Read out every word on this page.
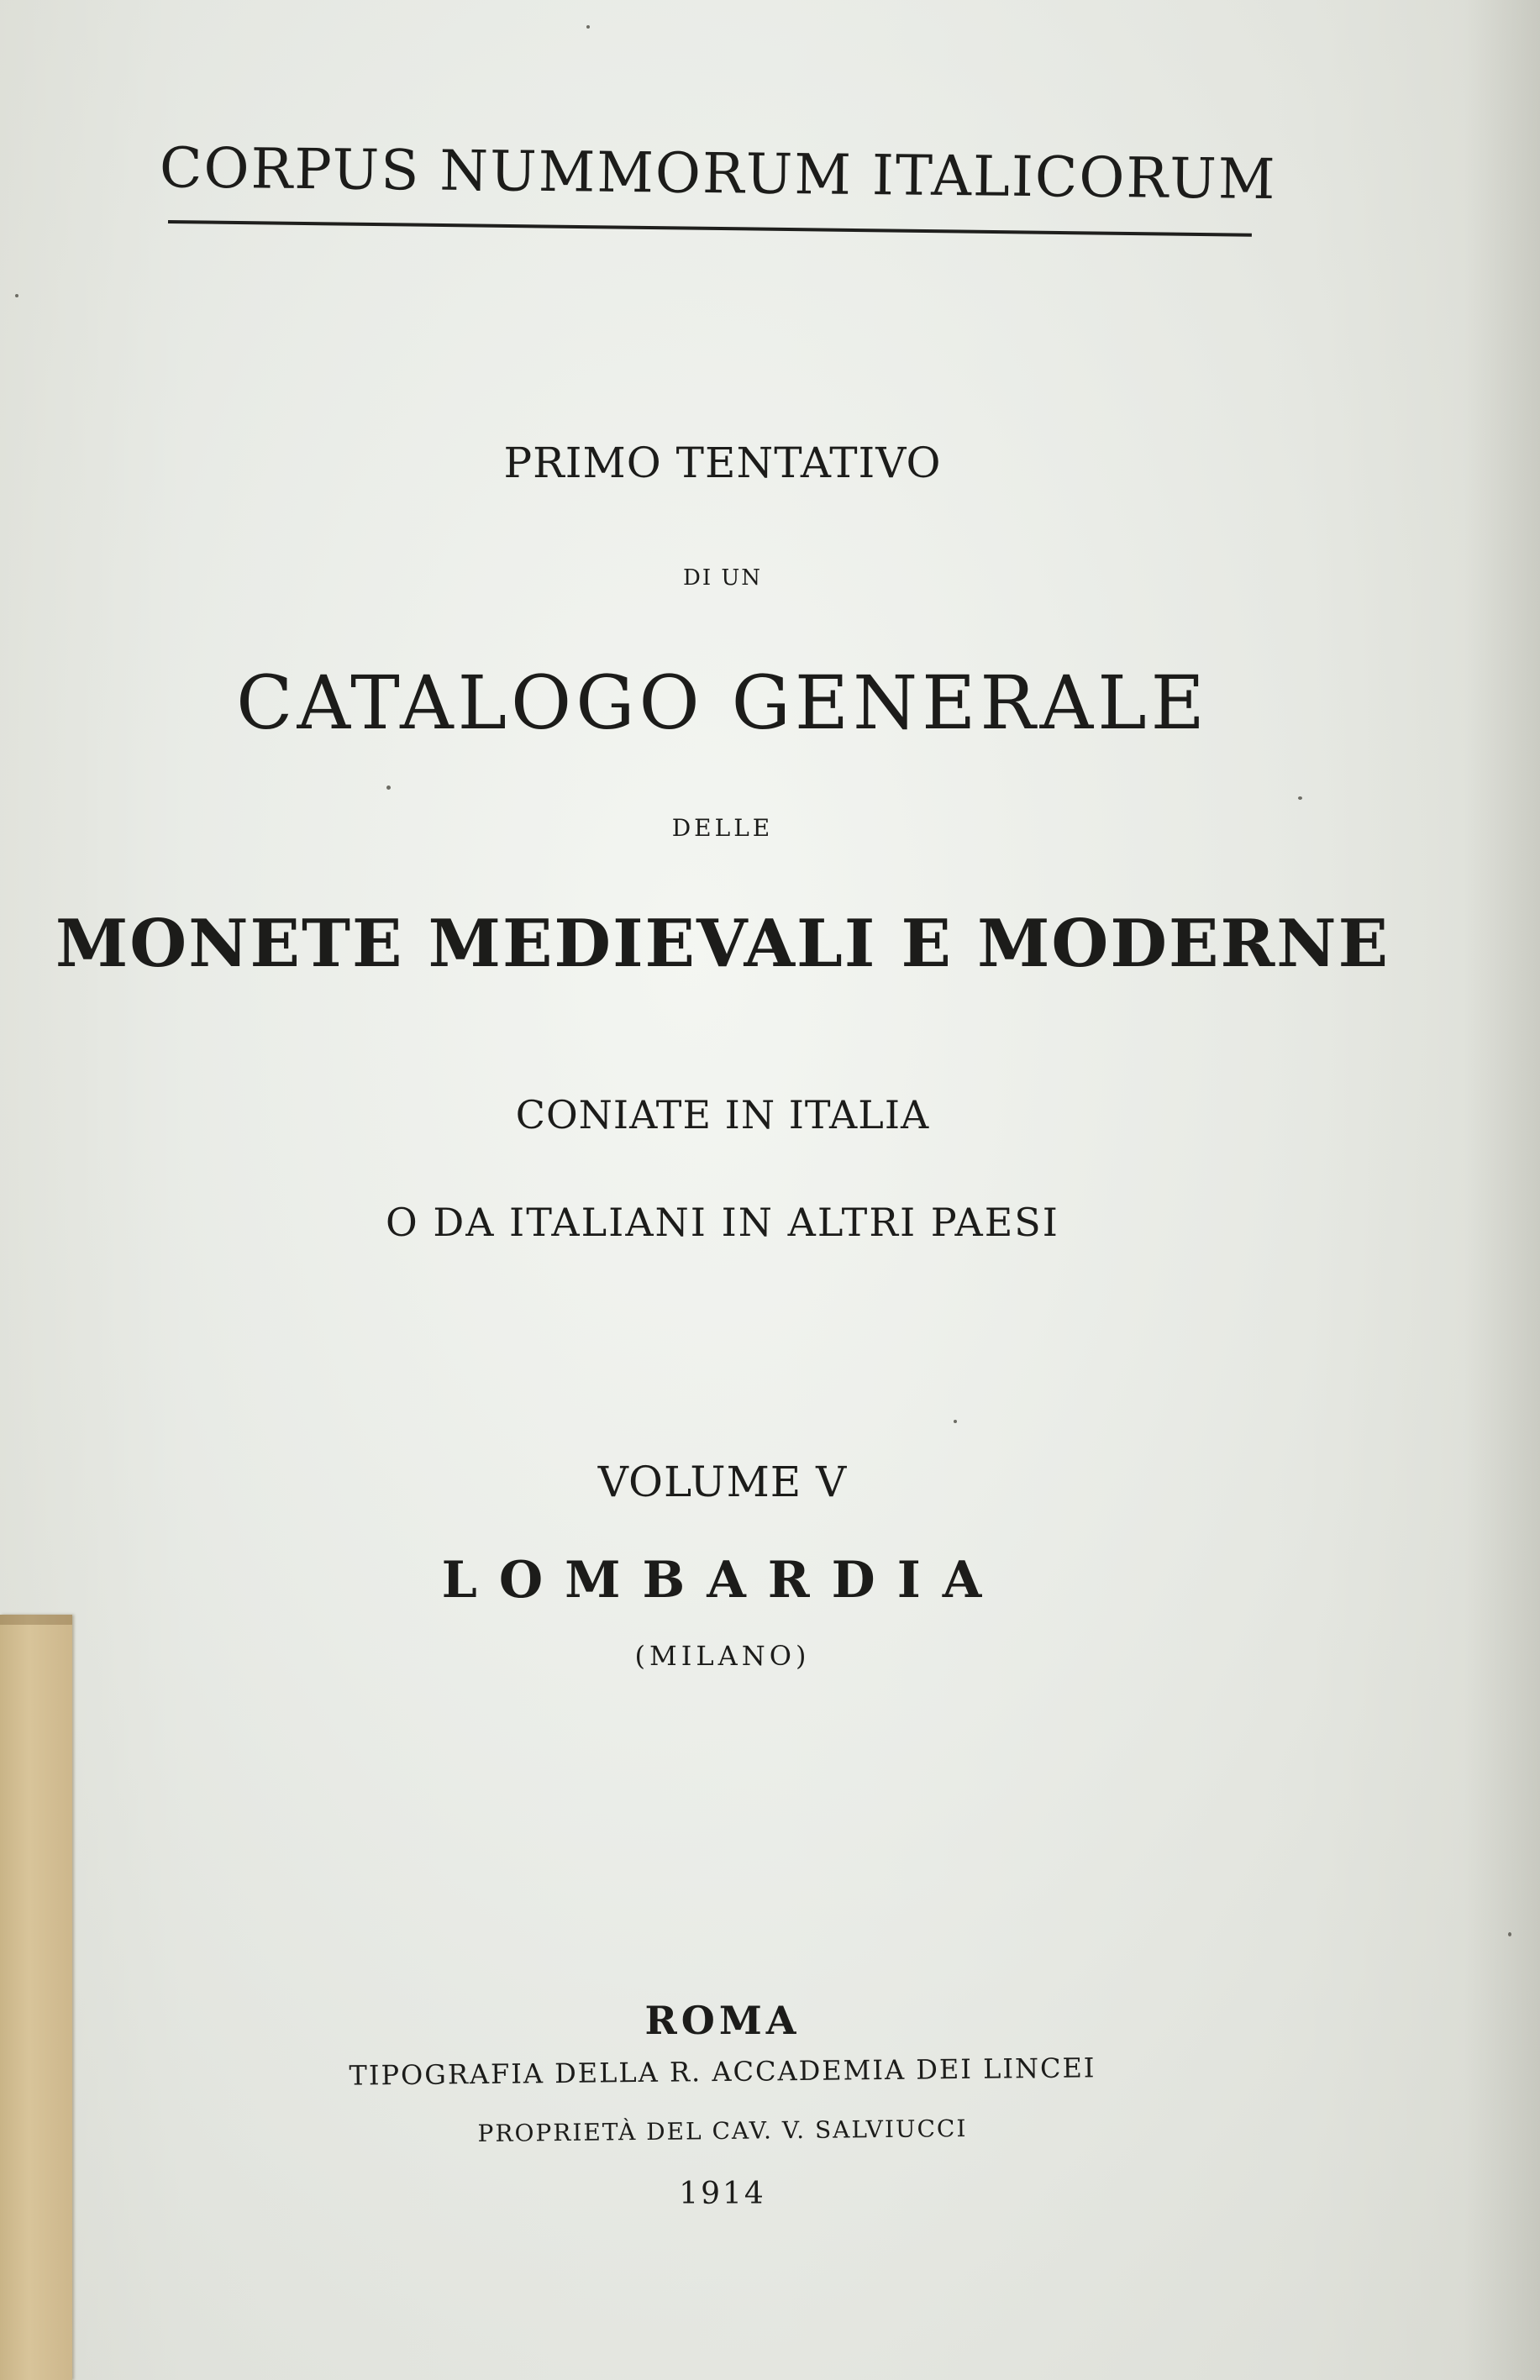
CORPUS NUMMORUM ITALICORUM

PRIMO TENTATIVO

DI UN

CATALOGO GENERALE

DELLE

MONETE MEDIEVALI E MODERNE

CONIATE IN ITALIA

O DA ITALIANI IN ALTRI PAESI

VOLUME V

LOMBARDIA

(MILANO)

ROMA

TIPOGRAFIA DELLA R. ACCADEMIA DEI LINCEI

PROPRIETÀ DEL CAV. V. SALVIUCCI

1914
